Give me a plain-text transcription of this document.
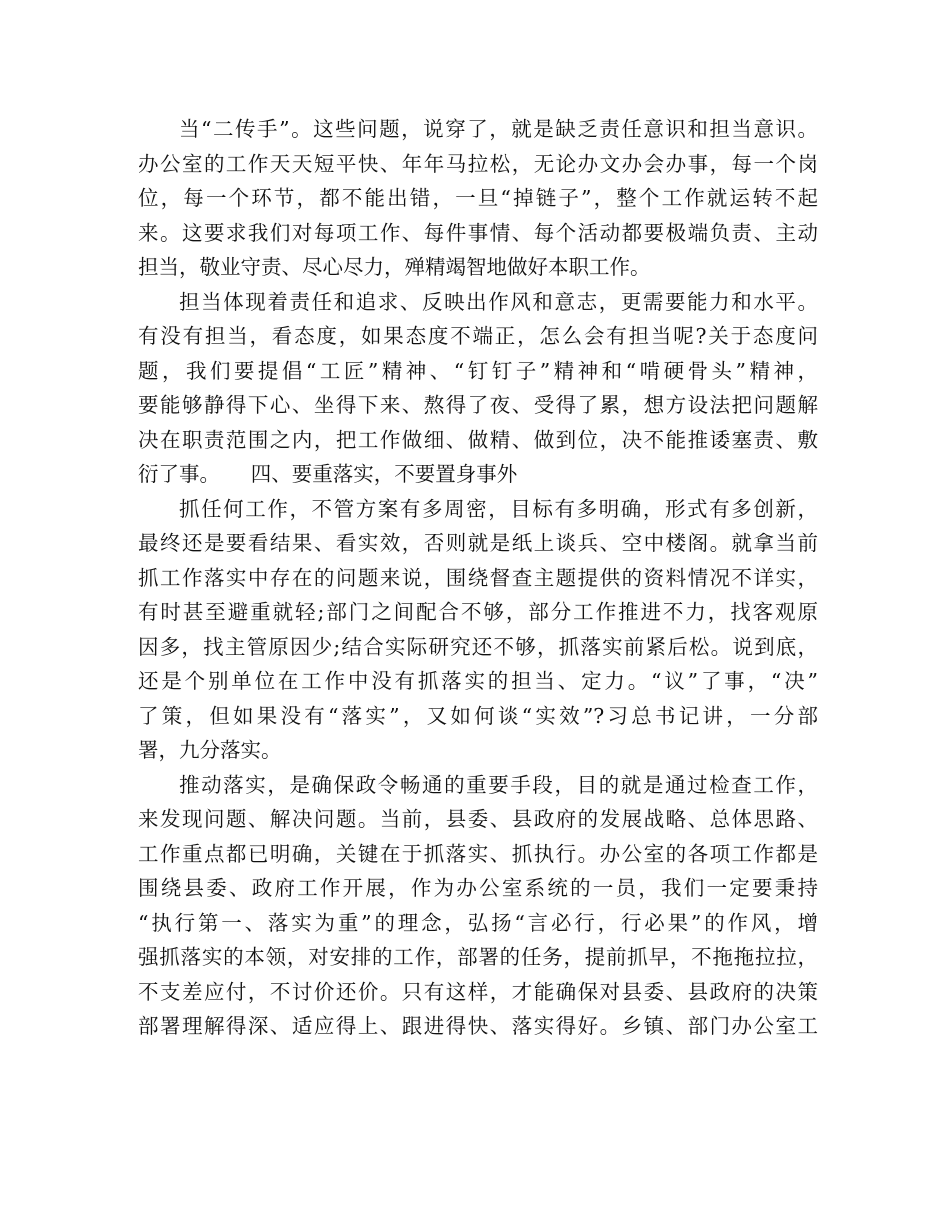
当“二传手”。这些问题，说穿了，就是缺乏责任意识和担当意识。
办公室的工作天天短平快、年年马拉松，无论办文办会办事，每一个岗
位，每一个环节，都不能出错，一旦“掉链子”，整个工作就运转不起
来。这要求我们对每项工作、每件事情、每个活动都要极端负责、主动
担当，敬业守责、尽心尽力，殚精竭智地做好本职工作。
担当体现着责任和追求、反映出作风和意志，更需要能力和水平。
有没有担当，看态度，如果态度不端正，怎么会有担当呢?关于态度问
题，我们要提倡“工匠”精神、“钉钉子”精神和“啃硬骨头”精神，
要能够静得下心、坐得下来、熬得了夜、受得了累，想方设法把问题解
决在职责范围之内，把工作做细、做精、做到位，决不能推诿塞责、敷
衍了事。　　四、要重落实，不要置身事外
抓任何工作，不管方案有多周密，目标有多明确，形式有多创新，
最终还是要看结果、看实效，否则就是纸上谈兵、空中楼阁。就拿当前
抓工作落实中存在的问题来说，围绕督查主题提供的资料情况不详实，
有时甚至避重就轻;部门之间配合不够，部分工作推进不力，找客观原
因多，找主管原因少;结合实际研究还不够，抓落实前紧后松。说到底，
还是个别单位在工作中没有抓落实的担当、定力。“议”了事，“决”
了策，但如果没有“落实”，又如何谈“实效”?习总书记讲，一分部
署，九分落实。
推动落实，是确保政令畅通的重要手段，目的就是通过检查工作，
来发现问题、解决问题。当前，县委、县政府的发展战略、总体思路、
工作重点都已明确，关键在于抓落实、抓执行。办公室的各项工作都是
围绕县委、政府工作开展，作为办公室系统的一员，我们一定要秉持
“执行第一、落实为重”的理念，弘扬“言必行，行必果”的作风，增
强抓落实的本领，对安排的工作，部署的任务，提前抓早，不拖拖拉拉，
不支差应付，不讨价还价。只有这样，才能确保对县委、县政府的决策
部署理解得深、适应得上、跟进得快、落实得好。乡镇、部门办公室工
